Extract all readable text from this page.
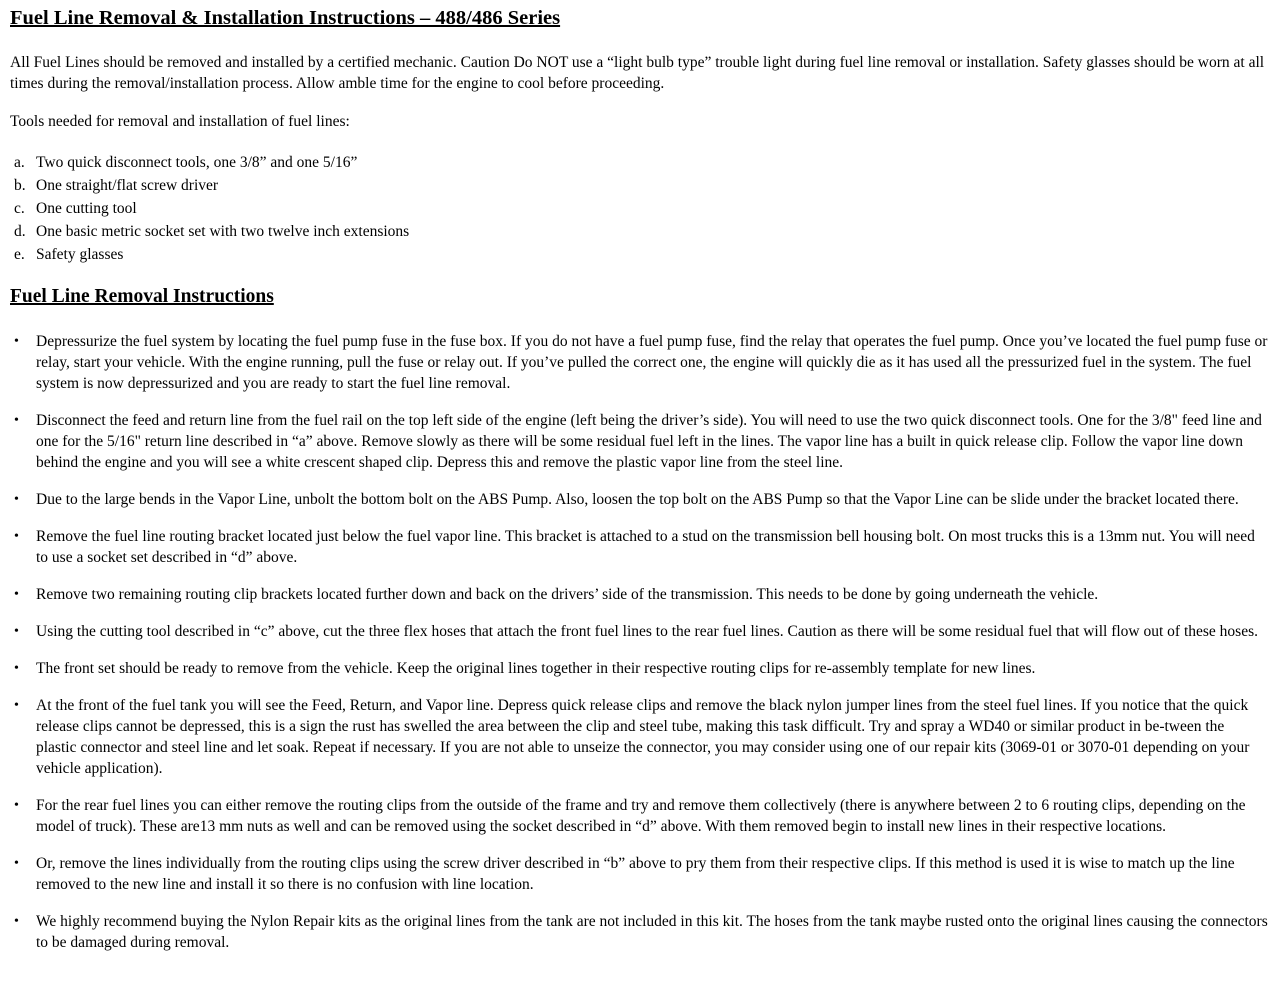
Fuel Line Removal & Installation Instructions – 488/486 Series

All Fuel Lines should be removed and installed by a certified mechanic. Caution Do NOT use a “light bulb type” trouble light during fuel line removal or installation. Safety glasses should be worn at all times during the removal/installation process. Allow amble time for the engine to cool before proceeding.

Tools needed for removal and installation of fuel lines:

a. Two quick disconnect tools, one 3/8” and one 5/16”
b. One straight/flat screw driver
c. One cutting tool
d. One basic metric socket set with two twelve inch extensions
e. Safety glasses
Fuel Line Removal Instructions
•	Depressurize the fuel system by locating the fuel pump fuse in the fuse box. If you do not have a fuel pump fuse, find the relay that operates the fuel pump. Once you’ve located the fuel pump fuse or relay, start your vehicle. With the engine running, pull the fuse or relay out. If you’ve pulled the correct one, the engine will quickly die as it has used all the pressurized fuel in the system. The fuel system is now depressurized and you are ready to start the fuel line removal.
•	Disconnect the feed and return line from the fuel rail on the top left side of the engine (left being the driver’s side). You will need to use the two quick disconnect tools. One for the 3/8" feed line and one for the 5/16" return line described in “a” above. Remove slowly as there will be some residual fuel left in the lines. The vapor line has a built in quick release clip. Follow the vapor line down behind the engine and you will see a white crescent shaped clip. Depress this and remove the plastic vapor line from the steel line.
•	Due to the large bends in the Vapor Line, unbolt the bottom bolt on the ABS Pump. Also, loosen the top bolt on the ABS Pump so that the Vapor Line can be slide under the bracket located there.
•	Remove the fuel line routing bracket located just below the fuel vapor line. This bracket is attached to a stud on the transmission bell housing bolt. On most trucks this is a 13mm nut. You will need to use a socket set described in “d” above.
•	Remove two remaining routing clip brackets located further down and back on the drivers’ side of the transmission. This needs to be done by going underneath the vehicle.
•	Using the cutting tool described in “c” above, cut the three flex hoses that attach the front fuel lines to the rear fuel lines. Caution as there will be some residual fuel that will flow out of these hoses.
•	The front set should be ready to remove from the vehicle. Keep the original lines together in their respective routing clips for re-assembly template for new lines.
•	At the front of the fuel tank you will see the Feed, Return, and Vapor line. Depress quick release clips and remove the black nylon jumper lines from the steel fuel lines. If you notice that the quick release clips cannot be depressed, this is a sign the rust has swelled the area between the clip and steel tube, making this task difficult. Try and spray a WD40 or similar product in be-tween the plastic connector and steel line and let soak. Repeat if necessary. If you are not able to unseize the connector, you may consider using one of our repair kits (3069-01 or 3070-01 depending on your vehicle application).
•	For the rear fuel lines you can either remove the routing clips from the outside of the frame and try and remove them collectively (there is anywhere between 2 to 6 routing clips, depending on the model of truck). These are13 mm nuts as well and can be removed using the socket described in “d” above. With them removed begin to install new lines in their respective locations.
•	Or, remove the lines individually from the routing clips using the screw driver described in “b” above to pry them from their respective clips. If this method is used it is wise to match up the line removed to the new line and install it so there is no confusion with line location.
•	We highly recommend buying the Nylon Repair kits as the original lines from the tank are not included in this kit. The hoses from the tank maybe rusted onto the original lines causing the connectors to be damaged during removal.
